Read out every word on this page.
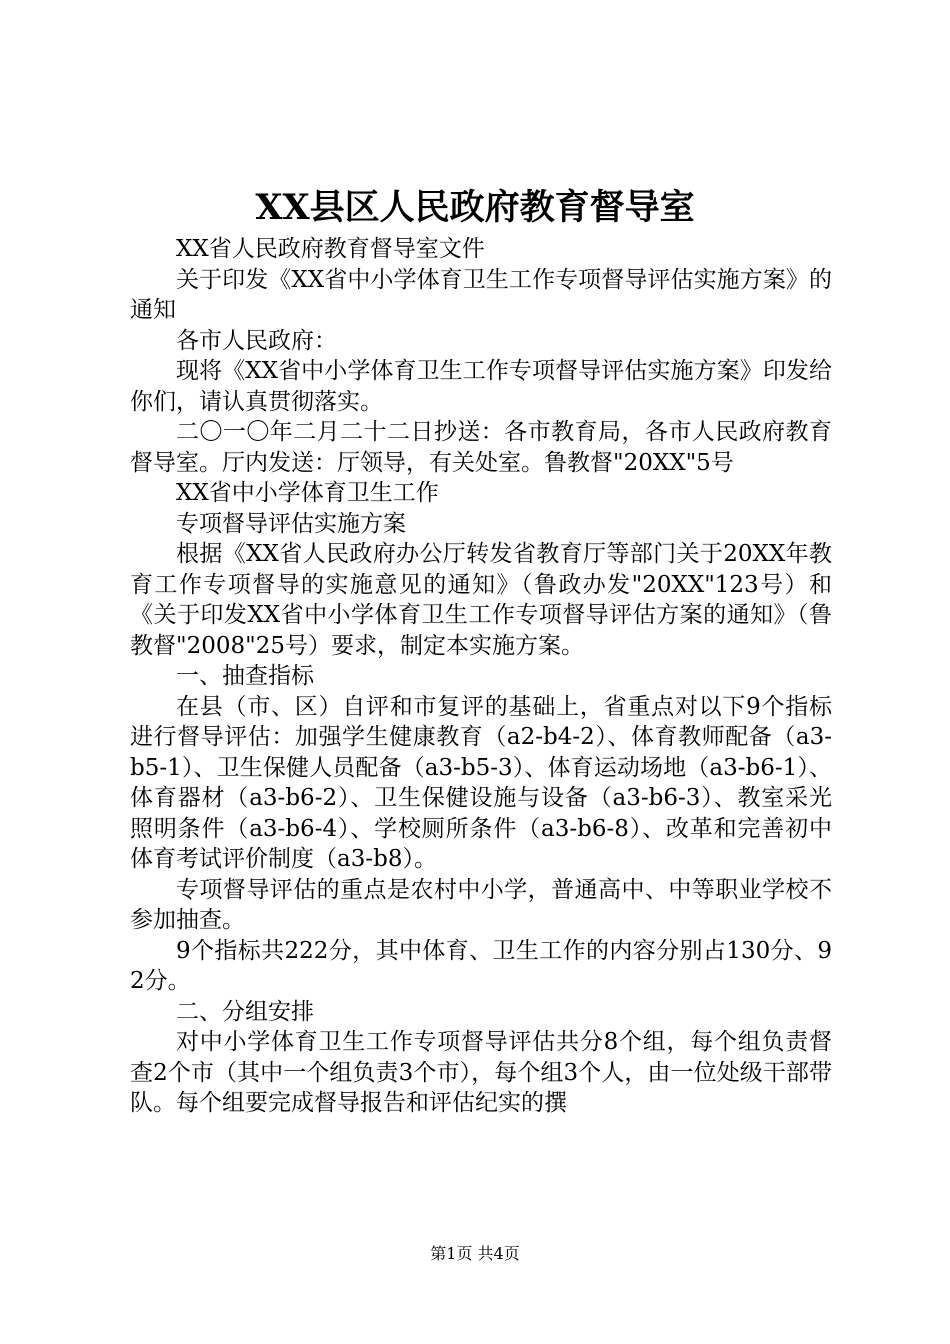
XX县区人民政府教育督导室

XX省人民政府教育督导室文件

关于印发《XX省中小学体育卫生工作专项督导评估实施方案》的通知

各市人民政府：

现将《XX省中小学体育卫生工作专项督导评估实施方案》印发给你们，请认真贯彻落实。

二〇一〇年二月二十二日抄送：各市教育局，各市人民政府教育督导室。厅内发送：厅领导，有关处室。鲁教督"20XX"5号

XX省中小学体育卫生工作

专项督导评估实施方案

根据《XX省人民政府办公厅转发省教育厅等部门关于20XX年教育工作专项督导的实施意见的通知》（鲁政办发"20XX"123号）和《关于印发XX省中小学体育卫生工作专项督导评估方案的通知》（鲁教督"2008"25号）要求，制定本实施方案。

一、抽查指标

在县（市、区）自评和市复评的基础上，省重点对以下9个指标进行督导评估：加强学生健康教育（a2-b4-2）、体育教师配备（a3-b5-1）、卫生保健人员配备（a3-b5-3）、体育运动场地（a3-b6-1）、体育器材（a3-b6-2）、卫生保健设施与设备（a3-b6-3）、教室采光照明条件（a3-b6-4）、学校厕所条件（a3-b6-8）、改革和完善初中体育考试评价制度（a3-b8）。

专项督导评估的重点是农村中小学，普通高中、中等职业学校不参加抽查。

9个指标共222分，其中体育、卫生工作的内容分别占130分、92分。

二、分组安排

对中小学体育卫生工作专项督导评估共分8个组，每个组负责督查2个市（其中一个组负责3个市），每个组3个人，由一位处级干部带队。每个组要完成督导报告和评估纪实的撰

第1页 共4页
